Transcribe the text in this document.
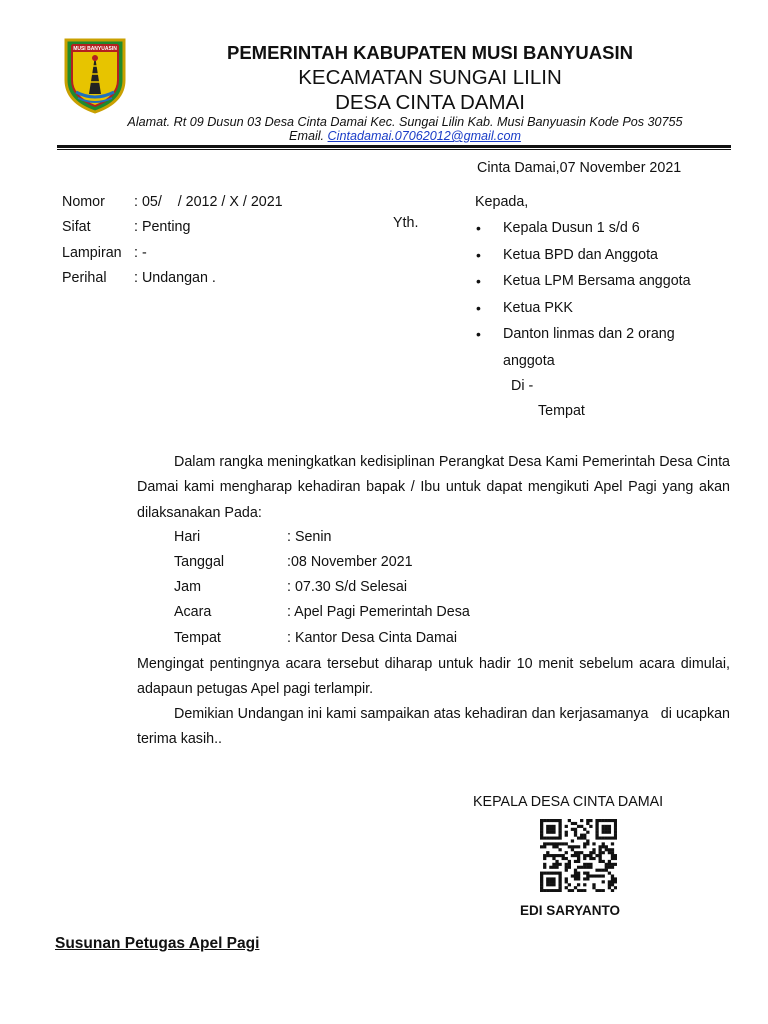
MUSI BANYUASIN	PEMERINTAH KABUPATEN MUSI BANYUASIN
KECAMATAN SUNGAI LILIN
DESA CINTA DAMAI
Alamat. Rt 09 Dusun 03 Desa Cinta Damai Kec. Sungai Lilin Kab. Musi Banyuasin Kode Pos 30755
Email. Cintadamai.07062012@gmail.com
Cinta Damai,07 November 2021
Nomor : 05/    / 2012 / X / 2021
Sifat	: Penting
Lampiran : -
Perihal : Undangan .
Yth.
Kepada,
• Kepala Dusun 1 s/d 6
• Ketua BPD dan Anggota
• Ketua LPM Bersama anggota
• Ketua PKK
• Danton linmas dan 2 orang
anggota
Di -
Tempat
Dalam rangka meningkatkan kedisiplinan Perangkat Desa Kami Pemerintah Desa Cinta Damai kami mengharap kehadiran bapak / Ibu untuk dapat mengikuti Apel Pagi yang akan dilaksanakan Pada:
Hari	: Senin
Tanggal	:08 November 2021
Jam	: 07.30 S/d Selesai
Acara	: Apel Pagi Pemerintah Desa
Tempat	: Kantor Desa Cinta Damai
Mengingat pentingnya acara tersebut diharap untuk hadir 10 menit sebelum acara dimulai, adapaun petugas Apel pagi terlampir.
Demikian Undangan ini kami sampaikan atas kehadiran dan kerjasamanya   di ucapkan terima kasih..
KEPALA DESA CINTA DAMAI
EDI SARYANTO
Susunan Petugas Apel Pagi
